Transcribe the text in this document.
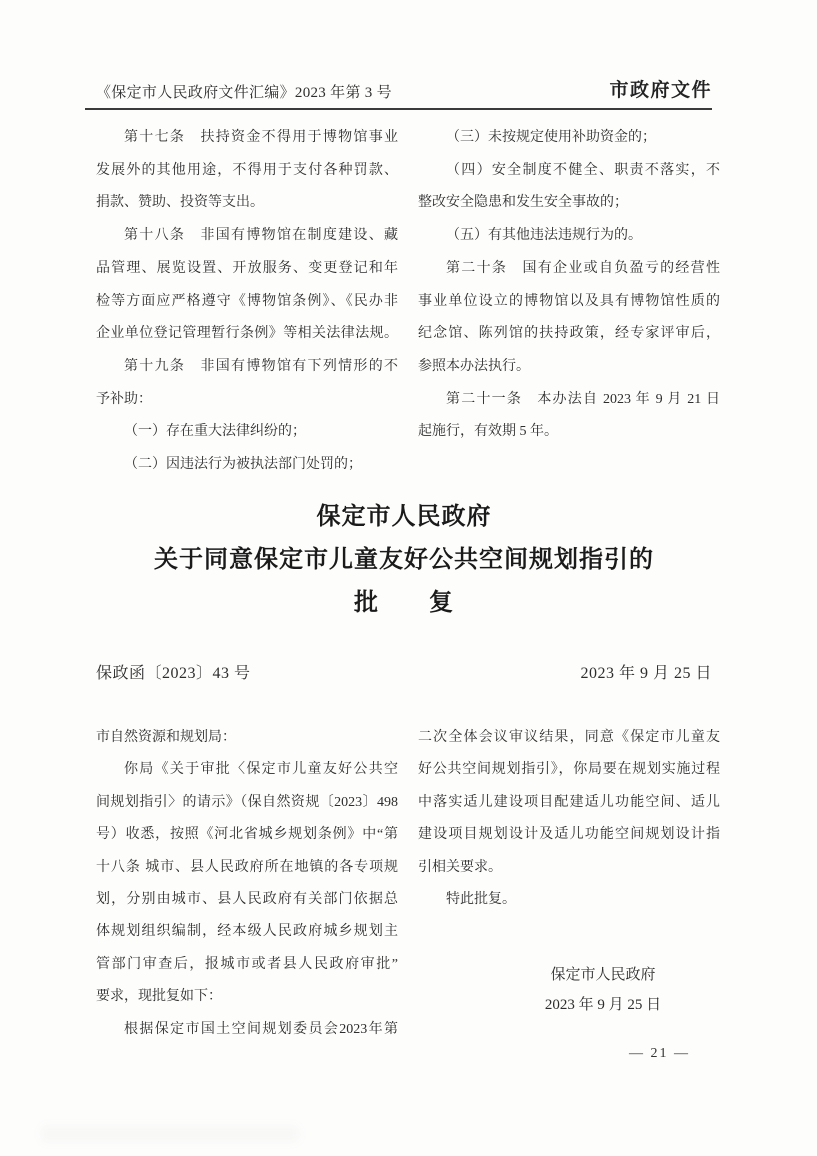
《保定市人民政府文件汇编》2023 年第 3 号	市政府文件
第十七条　扶持资金不得用于博物馆事业
发展外的其他用途，不得用于支付各种罚款、
捐款、赞助、投资等支出。
第十八条　非国有博物馆在制度建设、藏
品管理、展览设置、开放服务、变更登记和年
检等方面应严格遵守《博物馆条例》、《民办非
企业单位登记管理暂行条例》等相关法律法规。
第十九条　非国有博物馆有下列情形的不
予补助：
（一）存在重大法律纠纷的；
（二）因违法行为被执法部门处罚的；
（三）未按规定使用补助资金的；
（四）安全制度不健全、职责不落实，不
整改安全隐患和发生安全事故的；
（五）有其他违法违规行为的。
第二十条　国有企业或自负盈亏的经营性
事业单位设立的博物馆以及具有博物馆性质的
纪念馆、陈列馆的扶持政策，经专家评审后，
参照本办法执行。
第二十一条　本办法自 2023 年 9 月 21 日
起施行，有效期 5 年。
保定市人民政府
关于同意保定市儿童友好公共空间规划指引的
批　　复
保政函〔2023〕43 号	2023 年 9 月 25 日
市自然资源和规划局：
你局《关于审批〈保定市儿童友好公共空
间规划指引〉的请示》（保自然资规〔2023〕498
号）收悉，按照《河北省城乡规划条例》中“第
十八条 城市、县人民政府所在地镇的各专项规
划，分别由城市、县人民政府有关部门依据总
体规划组织编制，经本级人民政府城乡规划主
管部门审查后，报城市或者县人民政府审批”
要求，现批复如下：
根据保定市国土空间规划委员会2023年第
二次全体会议审议结果，同意《保定市儿童友
好公共空间规划指引》，你局要在规划实施过程
中落实适儿建设项目配建适儿功能空间、适儿
建设项目规划设计及适儿功能空间规划设计指
引相关要求。
特此批复。
保定市人民政府
2023 年 9 月 25 日
— 21 —
